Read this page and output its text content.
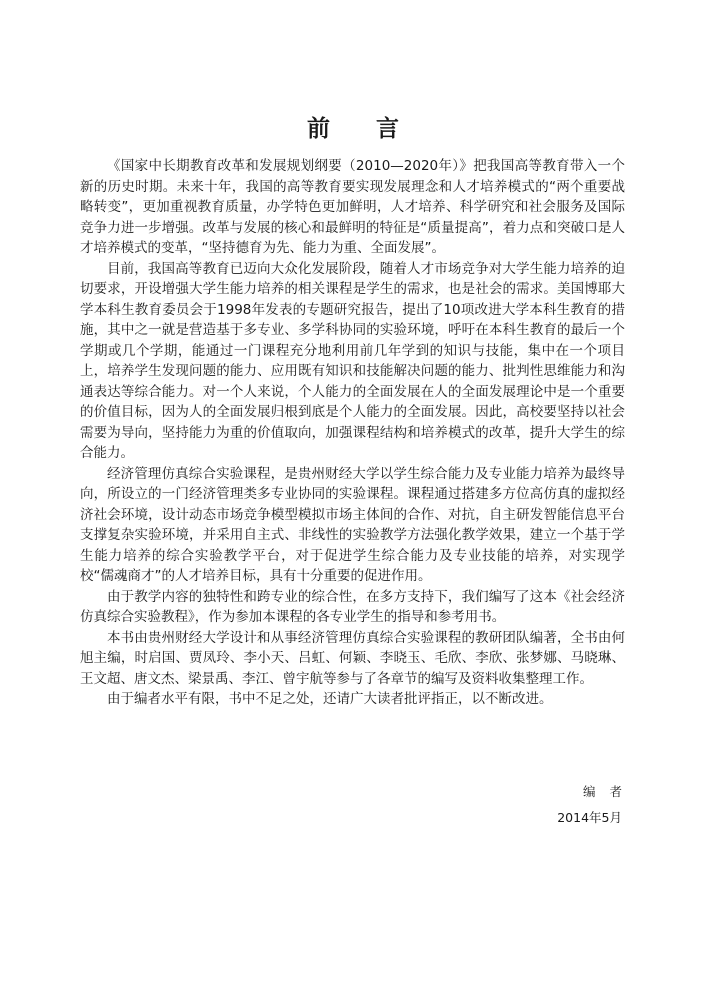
前 言

《国家中长期教育改革和发展规划纲要（2010—2020年）》把我国高等教育带入一个新的历史时期。未来十年，我国的高等教育要实现发展理念和人才培养模式的“两个重要战略转变”，更加重视教育质量，办学特色更加鲜明，人才培养、科学研究和社会服务及国际竞争力进一步增强。改革与发展的核心和最鲜明的特征是“质量提高”，着力点和突破口是人才培养模式的变革，“坚持德育为先、能力为重、全面发展”。

目前，我国高等教育已迈向大众化发展阶段，随着人才市场竞争对大学生能力培养的迫切要求，开设增强大学生能力培养的相关课程是学生的需求，也是社会的需求。美国博耶大学本科生教育委员会于1998年发表的专题研究报告，提出了10项改进大学本科生教育的措施，其中之一就是营造基于多专业、多学科协同的实验环境，呼吁在本科生教育的最后一个学期或几个学期，能通过一门课程充分地利用前几年学到的知识与技能，集中在一个项目上，培养学生发现问题的能力、应用既有知识和技能解决问题的能力、批判性思维能力和沟通表达等综合能力。对一个人来说，个人能力的全面发展在人的全面发展理论中是一个重要的价值目标，因为人的全面发展归根到底是个人能力的全面发展。因此，高校要坚持以社会需要为导向，坚持能力为重的价值取向，加强课程结构和培养模式的改革，提升大学生的综合能力。

经济管理仿真综合实验课程，是贵州财经大学以学生综合能力及专业能力培养为最终导向，所设立的一门经济管理类多专业协同的实验课程。课程通过搭建多方位高仿真的虚拟经济社会环境，设计动态市场竞争模型模拟市场主体间的合作、对抗，自主研发智能信息平台支撑复杂实验环境，并采用自主式、非线性的实验教学方法强化教学效果，建立一个基于学生能力培养的综合实验教学平台，对于促进学生综合能力及专业技能的培养，对实现学校“儒魂商才”的人才培养目标，具有十分重要的促进作用。

由于教学内容的独特性和跨专业的综合性，在多方支持下，我们编写了这本《社会经济仿真综合实验教程》，作为参加本课程的各专业学生的指导和参考用书。

本书由贵州财经大学设计和从事经济管理仿真综合实验课程的教研团队编著，全书由何旭主编，时启国、贾凤玲、李小天、吕虹、何颖、李晓玉、毛欣、李欣、张梦娜、马晓琳、王文超、唐文杰、梁景禹、李江、曾宇航等参与了各章节的编写及资料收集整理工作。

由于编者水平有限，书中不足之处，还请广大读者批评指正，以不断改进。

编者
2014年5月
